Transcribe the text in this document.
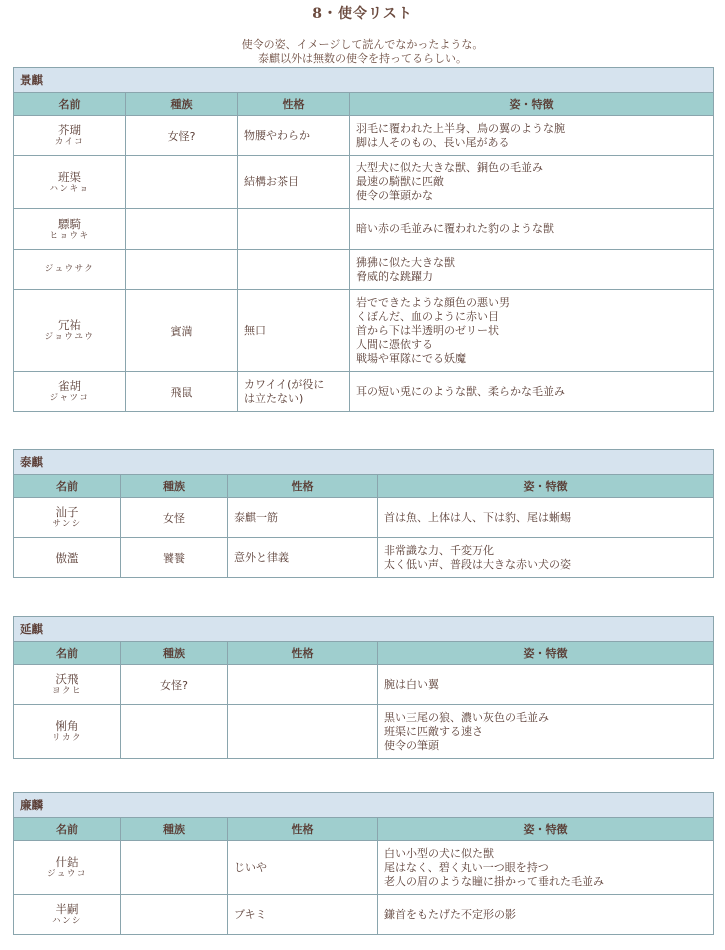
8・使令リスト
使令の姿、イメージして読んでなかったような。
泰麒以外は無数の使令を持ってるらしい。
景麒			
名前	種族	性格	姿・特徴

芥瑚
カイコ	女怪?	物腰やわらか	羽毛に覆われた上半身、鳥の翼のような腕
脚は人そのもの、長い尾がある

班渠
ハンキョ		結構お茶目	大型犬に似た大きな獣、銅色の毛並み
最速の騎獣に匹敵
使令の筆頭かな

驃騎
ヒョウキ			暗い赤の毛並みに覆われた豹のような獣

ジュウサク			狒狒に似た大きな獣
脅威的な跳躍力

冗祐
ジョウユウ	賓満	無口	岩でできたような顔色の悪い男
くぼんだ、血のように赤い目
首から下は半透明のゼリー状
人間に憑依する
戦場や軍隊にでる妖魔

雀胡
ジャツコ	飛鼠	カワイイ(が役に
は立たない)	耳の短い兎にのような獣、柔らかな毛並み
泰麒			
名前	種族	性格	姿・特徴

汕子
サンシ	女怪	泰麒一筋	首は魚、上体は人、下は豹、尾は蜥蜴

傲濫	饕餮	意外と律義	非常識な力、千変万化
太く低い声、普段は大きな赤い犬の姿
延麒			
名前	種族	性格	姿・特徴

沃飛
ヨクヒ	女怪?		腕は白い翼

悧角
リカク			黒い三尾の狼、濃い灰色の毛並み
班渠に匹敵する速さ
使令の筆頭
廉麟			
名前	種族	性格	姿・特徴

什鈷
ジュウコ		じいや	白い小型の犬に似た獣
尾はなく、碧く丸い一つ眼を持つ
老人の眉のような瞳に掛かって垂れた毛並み

半嗣
ハンシ		ブキミ	鎌首をもたげた不定形の影
